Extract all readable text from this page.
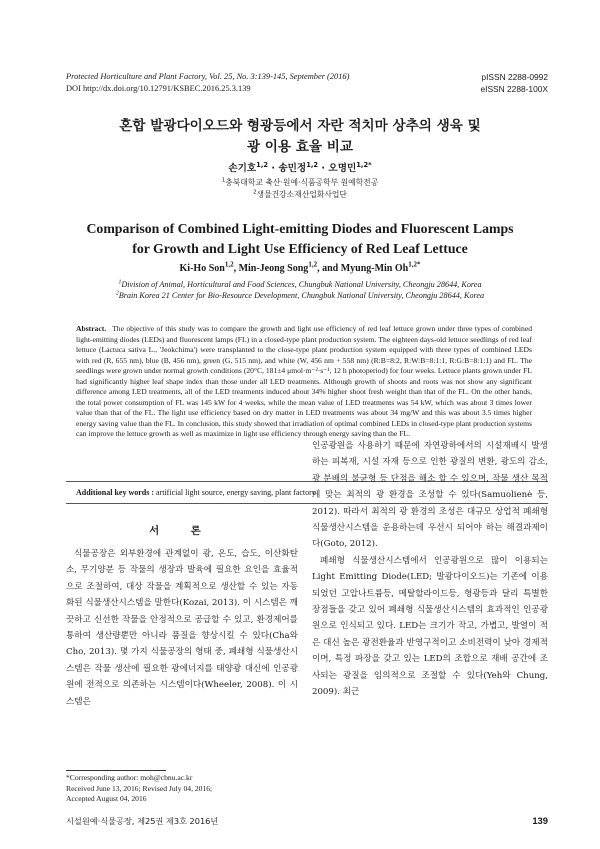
Protected Horticulture and Plant Factory, Vol. 25, No. 3:139-145, September (2016)
DOI http://dx.doi.org/10.12791/KSBEC.2016.25.3.139
pISSN 2288-0992
eISSN 2288-100X
혼합 발광다이오드와 형광등에서 자란 적치마 상추의 생육 및
광 이용 효율 비교
손기호$^{1,2}$ · 송민정$^{1,2}$ · 오명민$^{1,2*}$
$^1$충북대학교 축산·원예·식품공학부 원예학전공
$^2$생물건강소재산업화사업단
Comparison of Combined Light-emitting Diodes and Fluorescent Lamps
for Growth and Light Use Efficiency of Red Leaf Lettuce
Ki-Ho Son$^{1,2}$, Min-Jeong Song$^{1,2}$, and Myung-Min $Oh^{1,2*}$
$^1$Division of Animal, Horticultural and Food Sciences, Chungbuk National University, Cheongju 28644, Korea
$^2$Brain Korea 21 Center for Bio-Resource Development, Chungbuk National University, Cheongju 28644, Korea
Abstract. The objective of this study was to compare the growth and light use efficiency of red leaf lettuce grown under three types of combined light-emitting diodes (LEDs) and fluorescent lamps (FL) in a closed-type plant production system. The eighteen days-old lettuce seedlings of red leaf lettuce (Lactuca sativa L., 'Jeokchima') were transplanted to the close-type plant production system equipped with three types of combined LEDs with red (R, 655 nm), blue (B, 456 nm), green (G, 515 nm), and white (W, 456 nm + 558 nm) (R:B=8:2, R:W:B=8:1:1, R:G:B=8:1:1) and FL. The seedlings were grown under normal growth conditions (20°C, 181±4 μmol·m⁻²·s⁻¹, 12 h photoperiod) for four weeks. Lettuce plants grown under FL had significantly higher leaf shape index than those under all LED treatments. Although growth of shoots and roots was not show any significant difference among LED treatments, all of the LED treatments induced about 34% higher shoot fresh weight than that of the FL. On the other hands, the total power consumption of FL was 145 kW for 4 weeks, while the mean value of LED treatments was 54 kW, which was about 3 times lower value than that of the FL. The light use efficiency based on dry matter in LED treatments was about 34 mg/W and this was about 3.5 times higher energy saving value than the FL. In conclusion, this study showed that irradiation of optimal combined LEDs in closed-type plant production systems can improve the lettuce growth as well as maximize in light use efficiency through energy saving than the FL.
Additional key words : artificial light source, energy saving, plant factory
서 론

식물공장은 외부환경에 관계없이 광, 온도, 습도, 이산화탄소, 무기양분 등 작물의 생장과 발육에 필요한 요인을 효율적으로 조절하여, 대상 작물을 계획적으로 생산할 수 있는 자동화된 식물생산시스템을 말한다(Kozai, 2013). 이 시스템은 깨끗하고 신선한 작물을 안정적으로 공급할 수 있고, 환경제어를 통하여 생산량뿐만 아니라 품질을 향상시킬 수 있다(Cha와 Cho, 2013). 몇 가지 식물공장의 형태 중, 폐쇄형 식물생산시스템은 작물 생산에 필요한 광에너지를 태양광 대신에 인공광원에 전적으로 의존하는 시스템이다(Wheeler, 2008). 이 시스템은

인공광원을 사용하기 때문에 자연광하에서의 시설재배시 발생하는 피복재, 시설 자재 등으로 인한 광질의 변환, 광도의 감소, 광 분배의 불균형 등 단점을 해소 할 수 있으며, 작물 생산 목적에 맞는 최적의 광 환경을 조성할 수 있다(Samuolienė 등, 2012). 따라서 최적의 광 환경의 조성은 대규모 상업적 폐쇄형 식물생산시스템을 운용하는데 우선시 되어야 하는 해결과제이다(Goto, 2012).

폐쇄형 식물생산시스템에서 인공광원으로 많이 이용되는 Light Emitting Diode(LED; 발광다이오드)는 기존에 이용되었던 고압나트륨등, 메탈할라이드등, 형광등과 달리 특별한 장점들을 갖고 있어 폐쇄형 식물생산시스템의 효과적인 인공광원으로 인식되고 있다. LED는 크기가 작고, 가볍고, 발열이 적은 대신 높은 광전환율과 반영구적이고 소비전력이 낮아 경제적이며, 특정 파장을 갖고 있는 LED의 조합으로 재배 공간에 조사되는 광질을 임의적으로 조절할 수 있다(Yeh와 Chung, 2009). 최근

*Corresponding author: moh@cbnu.ac.kr
Received June 13, 2016; Revised July 04, 2016;
Accepted August 04, 2016
시설원예·식물공장, 제25권 제3호 2016년	139
